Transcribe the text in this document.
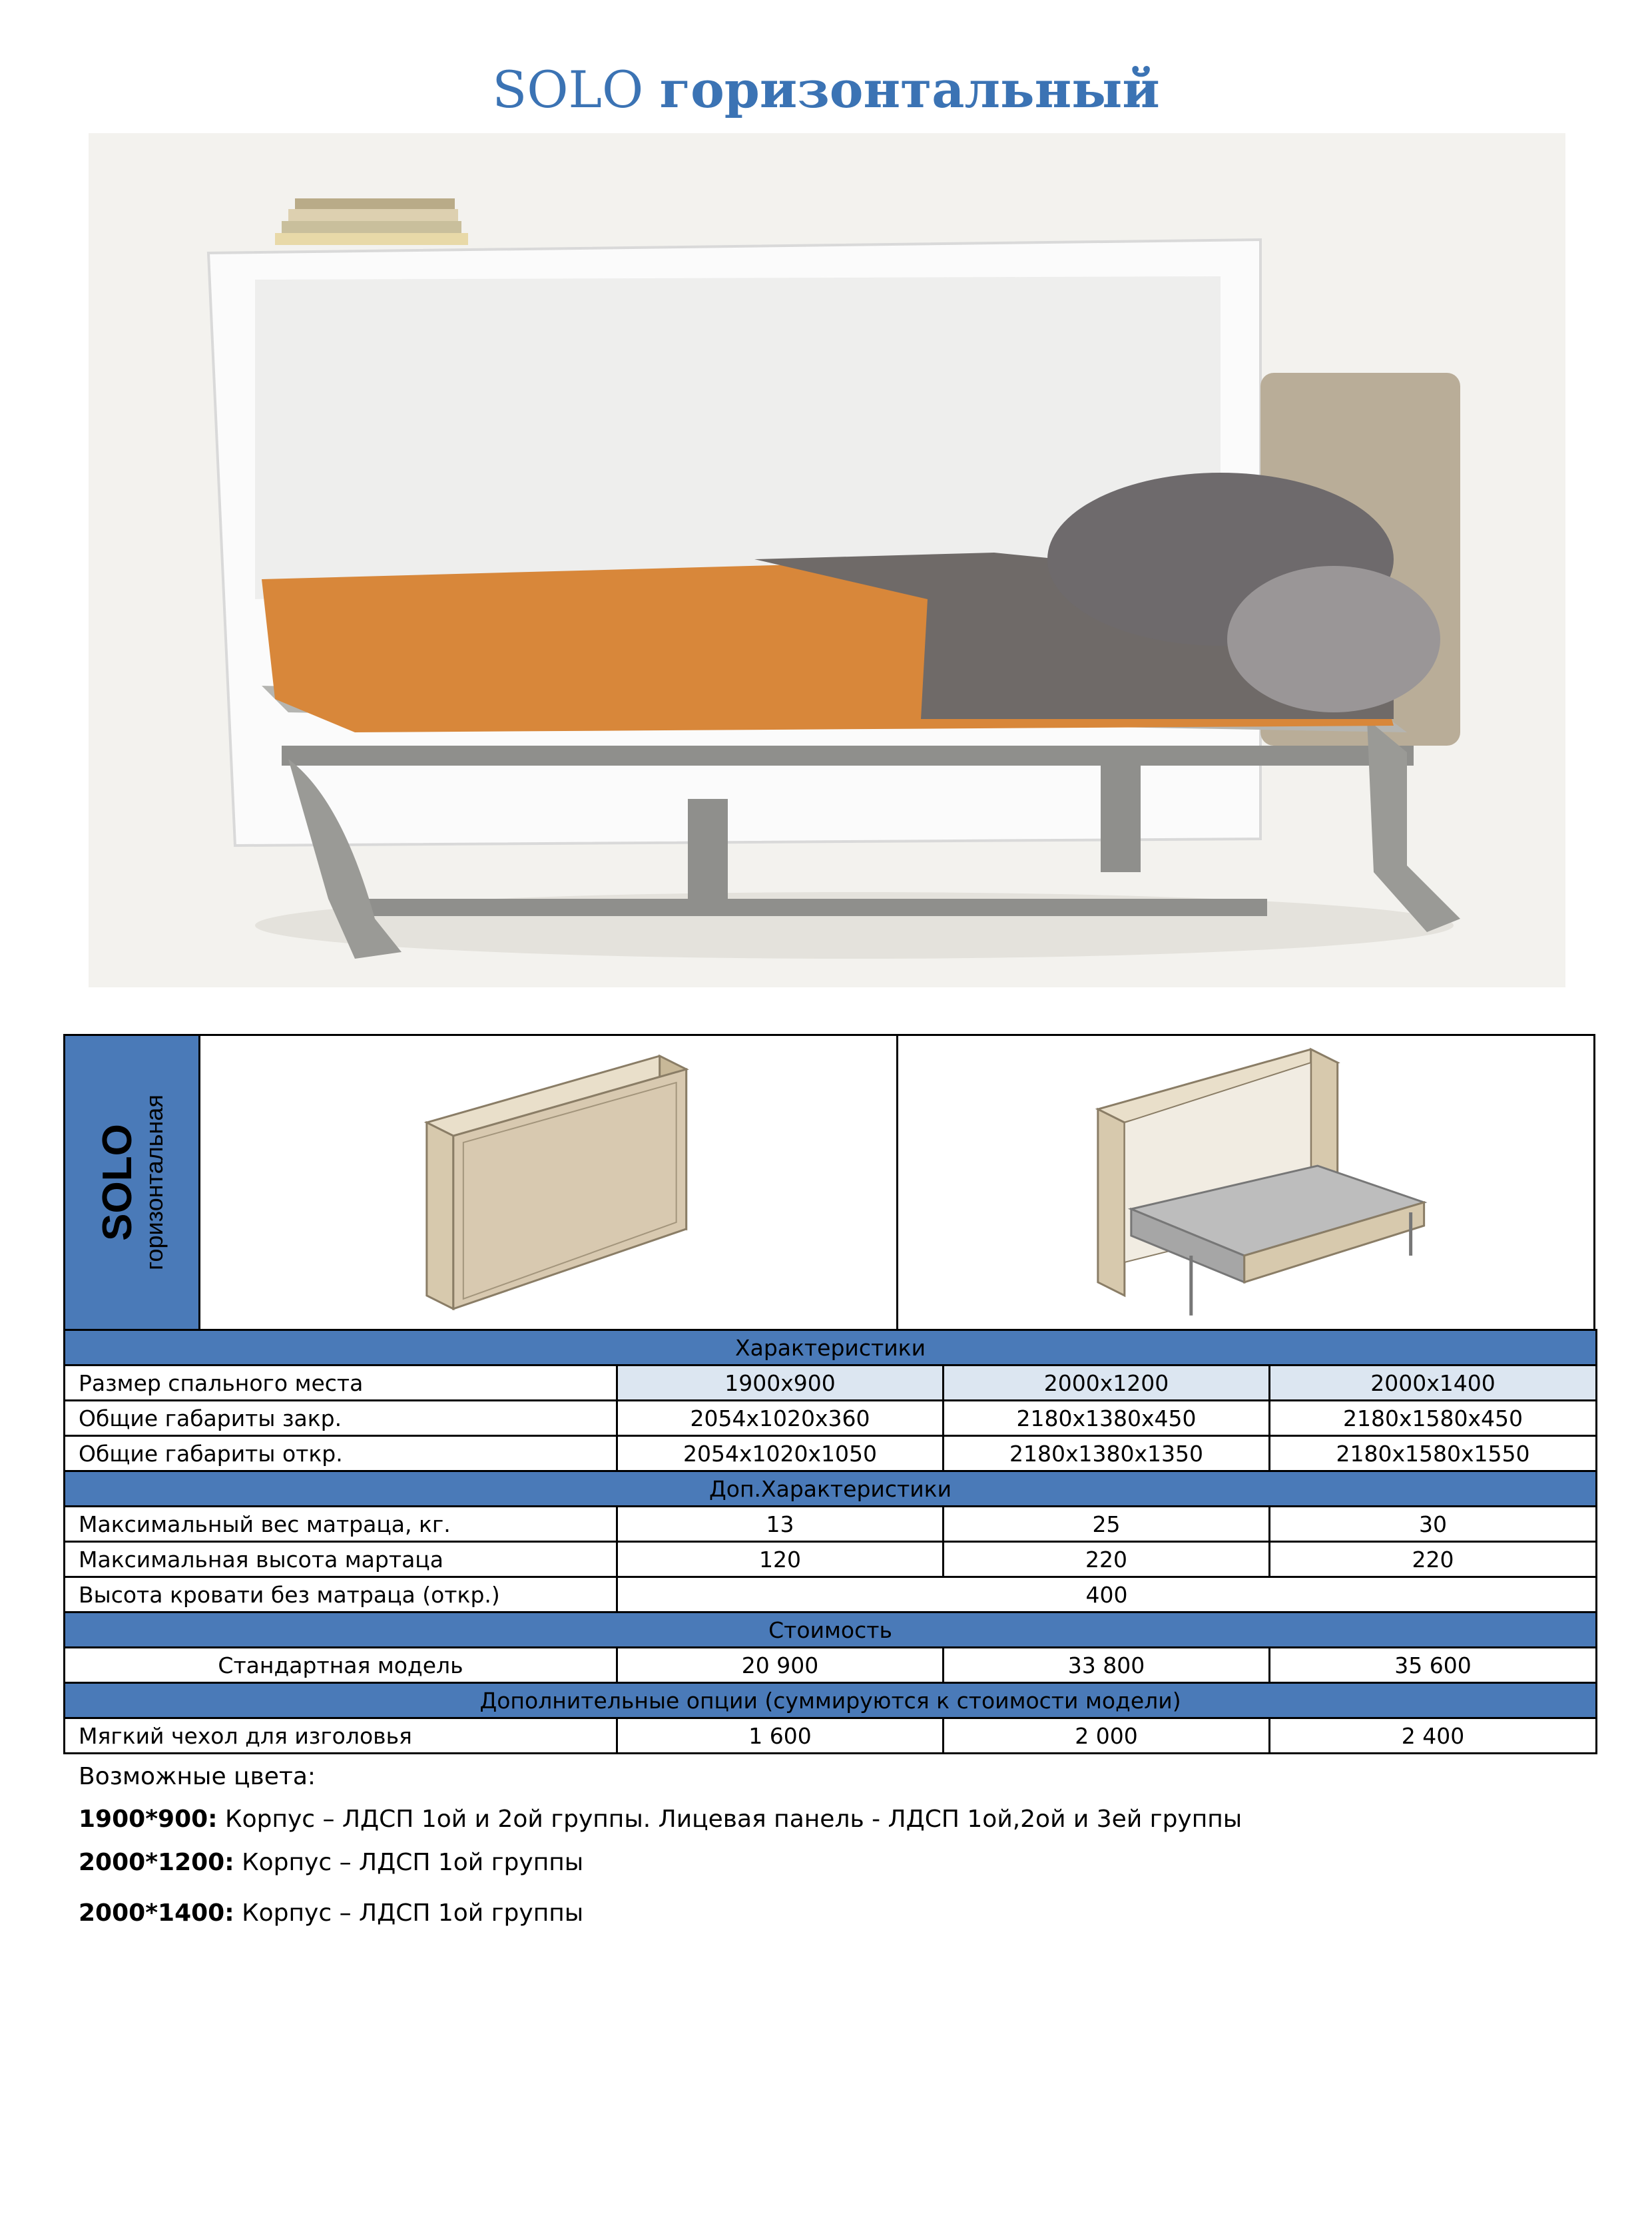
SOLO горизонтальный
SOLO горизонтальная
Характеристики			
Размер спального места	1900x900	2000x1200	2000x1400
Общие габариты закр.	2054x1020x360	2180x1380x450	2180x1580x450
Общие габариты откр.	2054x1020x1050	2180x1380x1350	2180x1580x1550
Доп.Характеристики			
Максимальный вес матраца, кг.	13	25	30
Максимальная высота мартаца	120	220	220
Высота кровати без матраца (откр.)	400		
Стоимость			
Стандартная модель	20 900	33 800	35 600
Дополнительные опции (суммируются к стоимости модели)			
Мягкий чехол для изголовья	1 600	2 000	2 400
Возможные цвета:
1900*900: Корпус – ЛДСП 1ой и 2ой группы. Лицевая панель - ЛДСП 1ой,2ой и 3ей группы
2000*1200: Корпус – ЛДСП 1ой группы
2000*1400: Корпус – ЛДСП 1ой группы
